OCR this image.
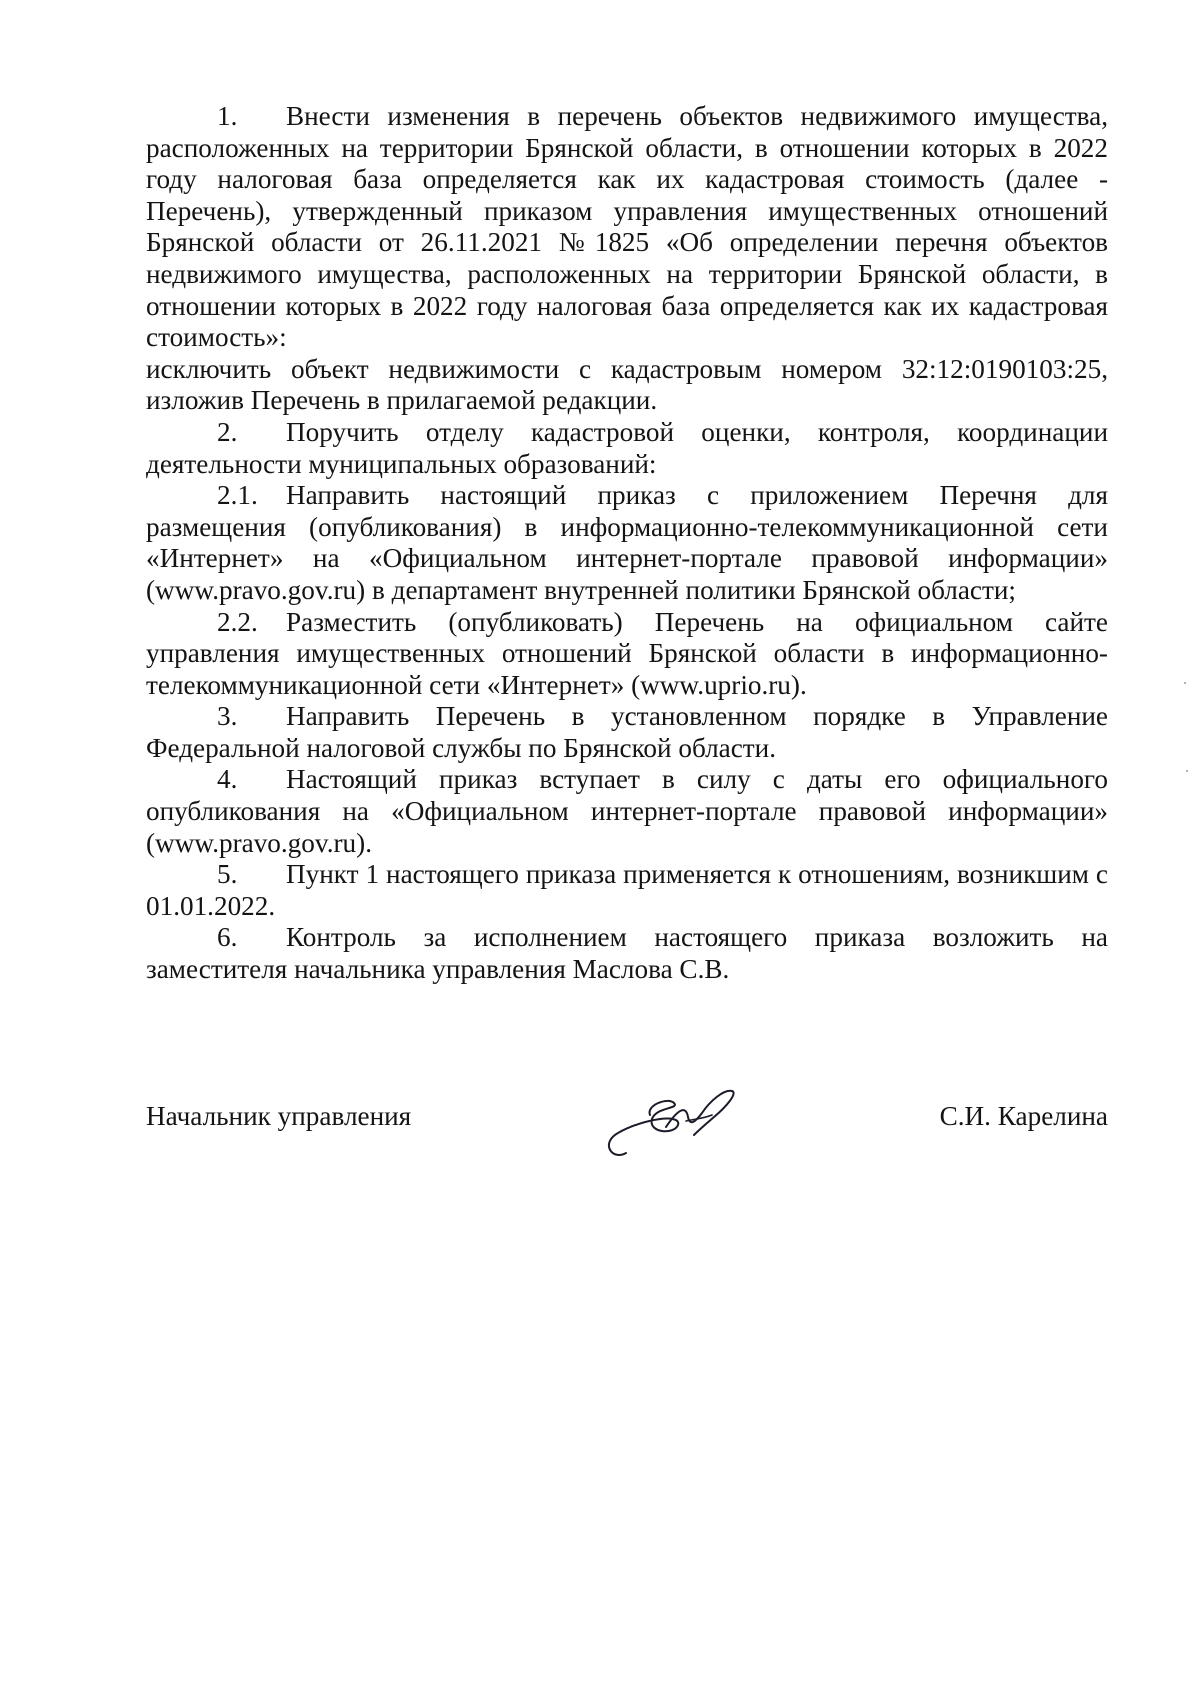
1. Внести изменения в перечень объектов недвижимого имущества, расположенных на территории Брянской области, в отношении которых в 2022 году налоговая база определяется как их кадастровая стоимость (далее - Перечень), утвержденный приказом управления имущественных отношений Брянской области от 26.11.2021 №1825 «Об определении перечня объектов недвижимого имущества, расположенных на территории Брянской области, в отношении которых в 2022 году налоговая база определяется как их кадастровая стоимость»:

исключить объект недвижимости с кадастровым номером 32:12:0190103:25, изложив Перечень в прилагаемой редакции.

2. Поручить отделу кадастровой оценки, контроля, координации деятельности муниципальных образований:

2.1. Направить настоящий приказ с приложением Перечня для размещения (опубликования) в информационно-телекоммуникационной сети «Интернет» на «Официальном интернет-портале правовой информации» (www.pravo.gov.ru) в департамент внутренней политики Брянской области;

2.2. Разместить (опубликовать) Перечень на официальном сайте управления имущественных отношений Брянской области в информационно-телекоммуникационной сети «Интернет» (www.uprio.ru).

3. Направить Перечень в установленном порядке в Управление Федеральной налоговой службы по Брянской области.

4. Настоящий приказ вступает в силу с даты его официального опубликования на «Официальном интернет-портале правовой информации» (www.pravo.gov.ru).

5. Пункт 1 настоящего приказа применяется к отношениям, возникшим с 01.01.2022.

6. Контроль за исполнением настоящего приказа возложить на заместителя начальника управления Маслова С.В.

Начальник управления	С.И. Карелина
